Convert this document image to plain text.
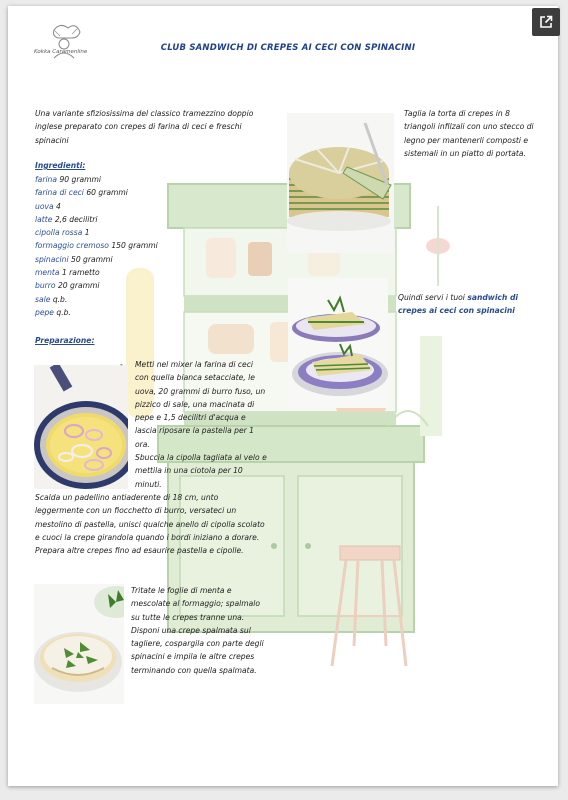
Kokka Caramenline	CLUB SANDWICH DI CREPES AI CECI CON SPINACINI
Una variante sfiziosissima del classico tramezzino doppio inglese preparato con crepes di farina di ceci e freschi spinacini
Ingredienti:
farina 90 grammi
farina di ceci 60 grammi
uova 4
latte 2,6 decilitri
cipolla rossa 1
formaggio cremoso 150 grammi
spinacini 50 grammi
menta 1 rametto
burro 20 grammi
sale q.b.
pepe q.b.
Preparazione:
- Metti nel mixer la farina di ceci con quella bianca setacciate, le uova, 20 grammi di burro fuso, un pizzico di sale, una macinata di pepe e 1,5 decilitri d'acqua e lascia riposare la pastella per 1 ora.
Sbuccia la cipolla tagliata al velo e mettila in una ciotola per 10 minuti.
Scalda un padellino antiaderente di 18 cm, unto leggermente con un fiocchetto di burro, versateci un mestolino di pastella, unisci qualche anello di cipolla scolato e cuoci la crepe girandola quando i bordi iniziano a dorare. Prepara altre crepes fino ad esaurire pastella e cipolle.
Tritate le foglie di menta e mescolate al formaggio; spalmalo su tutte le crepes tranne una. Disponi una crepe spalmata sul tagliere, cospargila con parte degli spinacini e impila le altre crepes terminando con quella spalmata.
Taglia la torta di crepes in 8 triangoli infilzali con uno stecco di legno per mantenerli composti e sistemali in un piatto di portata.
Quindi servi i tuoi sandwich di crepes ai ceci con spinacini
